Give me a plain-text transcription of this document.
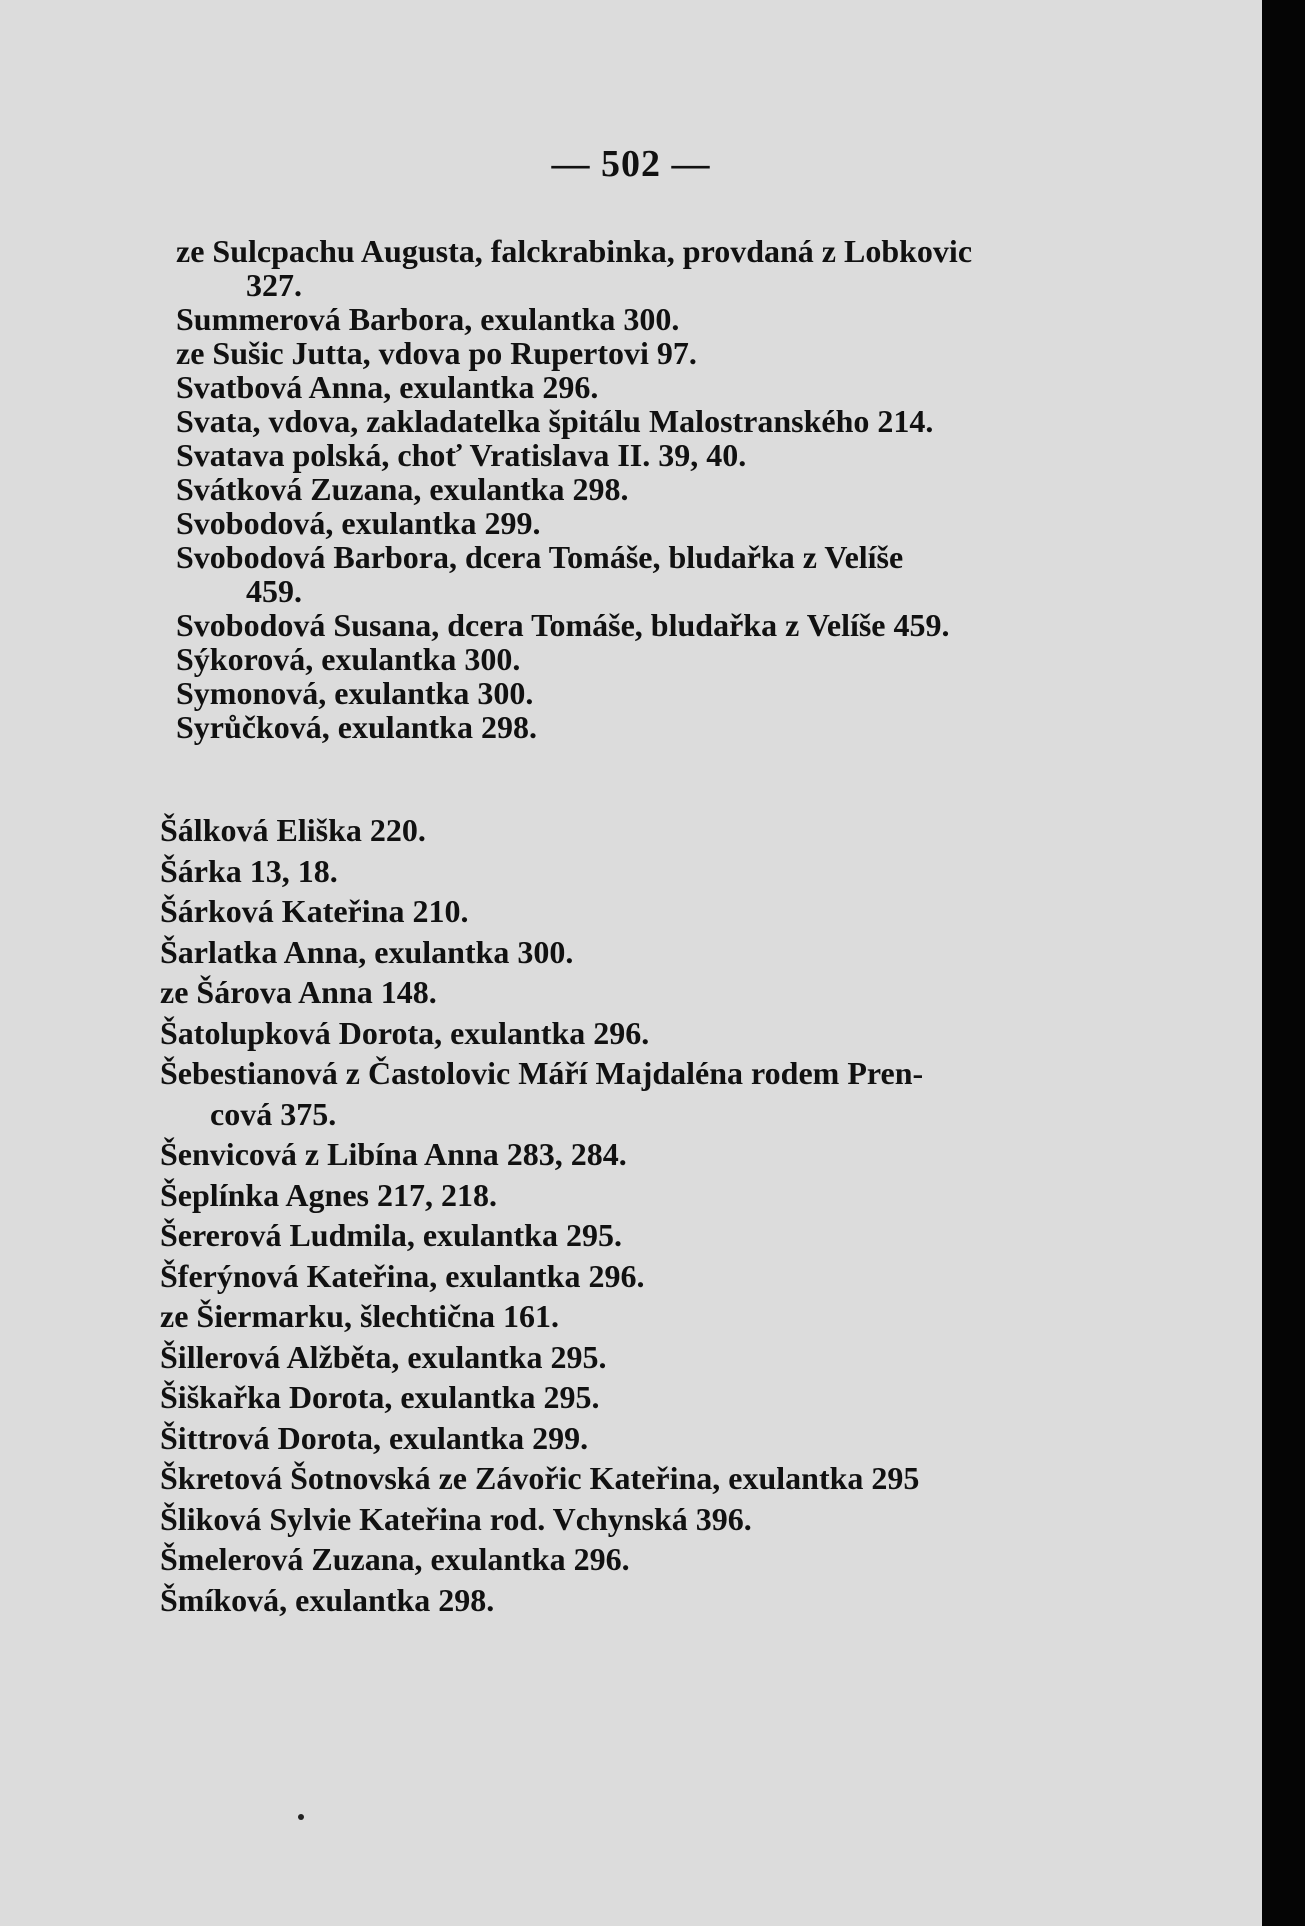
— 502 —
ze Sulcpachu Augusta, falckrabinka, provdaná z Lobkovic
327.
Summerová Barbora, exulantka 300.
ze Sušic Jutta, vdova po Rupertovi 97.
Svatbová Anna, exulantka 296.
Svata, vdova, zakladatelka špitálu Malostranského 214.
Svatava polská, choť Vratislava II. 39, 40.
Svátková Zuzana, exulantka 298.
Svobodová, exulantka 299.
Svobodová Barbora, dcera Tomáše, bludařka z Velíše
459.
Svobodová Susana, dcera Tomáše, bludařka z Velíše 459.
Sýkorová, exulantka 300.
Symonová, exulantka 300.
Syrůčková, exulantka 298.
Šálková Eliška 220.
Šárka 13, 18.
Šárková Kateřina 210.
Šarlatka Anna, exulantka 300.
ze Šárova Anna 148.
Šatolupková Dorota, exulantka 296.
Šebestianová z Častolovic Máří Majdaléna rodem Pren-
cová 375.
Šenvicová z Libína Anna 283, 284.
Šeplínka Agnes 217, 218.
Šererová Ludmila, exulantka 295.
Šferýnová Kateřina, exulantka 296.
ze Šiermarku, šlechtična 161.
Šillerová Alžběta, exulantka 295.
Šiškařka Dorota, exulantka 295.
Šittrová Dorota, exulantka 299.
Škretová Šotnovská ze Závořic Kateřina, exulantka 295
Šliková Sylvie Kateřina rod. Vchynská 396.
Šmelerová Zuzana, exulantka 296.
Šmíková, exulantka 298.
